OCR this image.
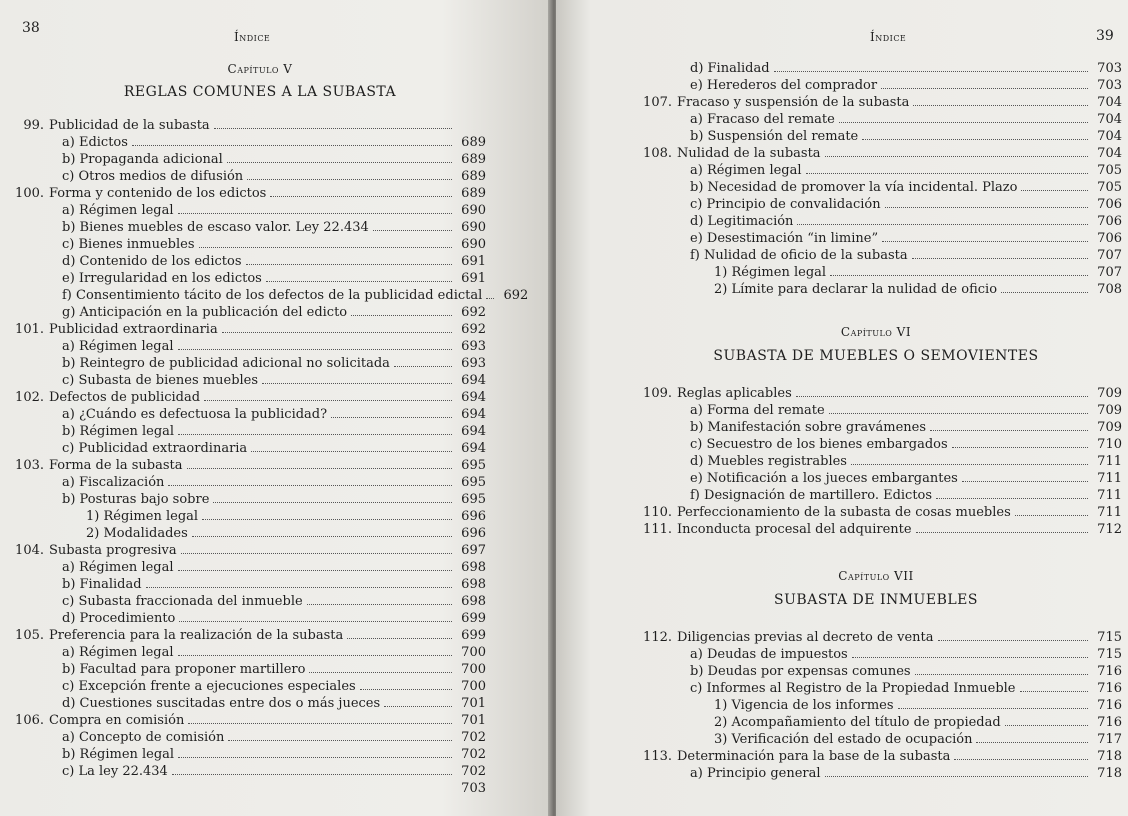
38
Índice
Capítulo V
REGLAS COMUNES A LA SUBASTA
99. Publicidad de la subasta
a) Edictos	689
b) Propaganda adicional	689
c) Otros medios de difusión	689
100. Forma y contenido de los edictos	689
a) Régimen legal	690
b) Bienes muebles de escaso valor. Ley 22.434	690
c) Bienes inmuebles	690
d) Contenido de los edictos	691
e) Irregularidad en los edictos	691
f) Consentimiento tácito de los defectos de la publicidad edictal	692
g) Anticipación en la publicación del edicto	692
101. Publicidad extraordinaria	692
a) Régimen legal	693
b) Reintegro de publicidad adicional no solicitada	693
c) Subasta de bienes muebles	694
102. Defectos de publicidad	694
a) ¿Cuándo es defectuosa la publicidad?	694
b) Régimen legal	694
c) Publicidad extraordinaria	694
103. Forma de la subasta	695
a) Fiscalización	695
b) Posturas bajo sobre	695
1) Régimen legal	696
2) Modalidades	696
104. Subasta progresiva	697
a) Régimen legal	698
b) Finalidad	698
c) Subasta fraccionada del inmueble	698
d) Procedimiento	699
105. Preferencia para la realización de la subasta	699
a) Régimen legal	700
b) Facultad para proponer martillero	700
c) Excepción frente a ejecuciones especiales	700
d) Cuestiones suscitadas entre dos o más jueces	701
106. Compra en comisión	701
a) Concepto de comisión	702
b) Régimen legal	702
c) La ley 22.434	702
703
Índice	39
d) Finalidad	703
e) Herederos del comprador	703
107. Fracaso y suspensión de la subasta	704
a) Fracaso del remate	704
b) Suspensión del remate	704
108. Nulidad de la subasta	704
a) Régimen legal	705
b) Necesidad de promover la vía incidental. Plazo	705
c) Principio de convalidación	706
d) Legitimación	706
e) Desestimación “in limine”	706
f) Nulidad de oficio de la subasta	707
1) Régimen legal	707
2) Límite para declarar la nulidad de oficio	708
Capítulo VI
SUBASTA DE MUEBLES O SEMOVIENTES
109. Reglas aplicables	709
a) Forma del remate	709
b) Manifestación sobre gravámenes	709
c) Secuestro de los bienes embargados	710
d) Muebles registrables	711
e) Notificación a los jueces embargantes	711
f) Designación de martillero. Edictos	711
110. Perfeccionamiento de la subasta de cosas muebles	711
111. Inconducta procesal del adquirente	712
Capítulo VII
SUBASTA DE INMUEBLES
112. Diligencias previas al decreto de venta	715
a) Deudas de impuestos	715
b) Deudas por expensas comunes	716
c) Informes al Registro de la Propiedad Inmueble	716
1) Vigencia de los informes	716
2) Acompañamiento del título de propiedad	716
3) Verificación del estado de ocupación	717
113. Determinación para la base de la subasta	718
a) Principio general	718
